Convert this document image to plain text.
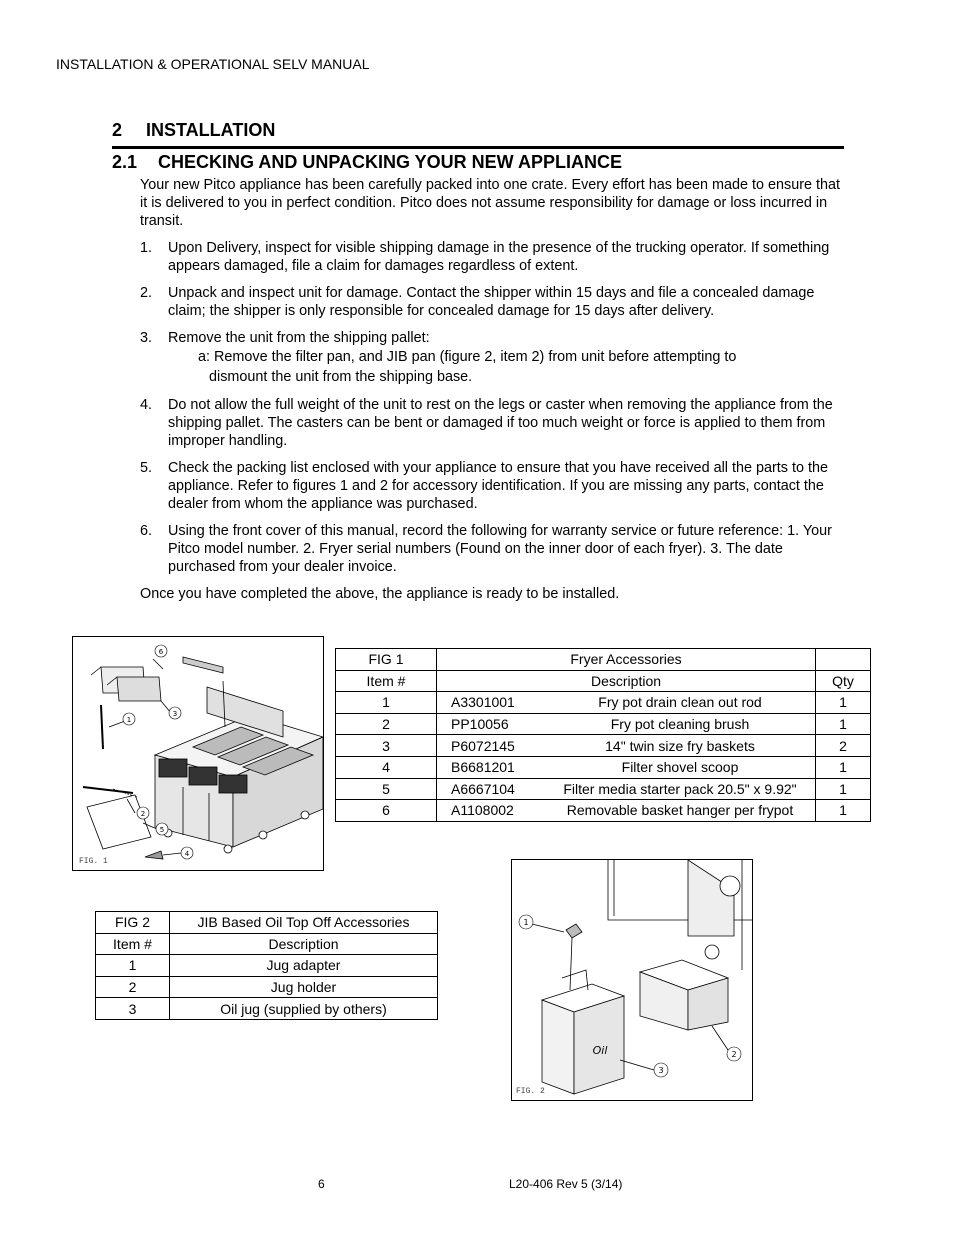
INSTALLATION & OPERATIONAL SELV MANUAL
2 INSTALLATION
2.1 CHECKING AND UNPACKING YOUR NEW APPLIANCE
Your new Pitco appliance has been carefully packed into one crate. Every effort has been made to ensure that it is delivered to you in perfect condition. Pitco does not assume responsibility for damage or loss incurred in transit.
1.	Upon Delivery, inspect for visible shipping damage in the presence of the trucking operator. If something appears damaged, file a claim for damages regardless of extent.
2.	Unpack and inspect unit for damage. Contact the shipper within 15 days and file a concealed damage claim; the shipper is only responsible for concealed damage for 15 days after delivery.
3.	Remove the unit from the shipping pallet:
a: Remove the filter pan, and JIB pan (figure 2, item 2) from unit before attempting to
dismount the unit from the shipping base.
4.	Do not allow the full weight of the unit to rest on the legs or caster when removing the appliance from the shipping pallet. The casters can be bent or damaged if too much weight or force is applied to them from improper handling.
5.	Check the packing list enclosed with your appliance to ensure that you have received all the parts to the appliance. Refer to figures 1 and 2 for accessory identification. If you are missing any parts, contact the dealer from whom the appliance was purchased.
6.	Using the front cover of this manual, record the following for warranty service or future reference: 1. Your Pitco model number. 2. Fryer serial numbers (Found on the inner door of each fryer). 3. The date purchased from your dealer invoice.
Once you have completed the above, the appliance is ready to be installed.
6
1
3
2
5
4
FIG. 1
FIG 1	Fryer Accessories	
Item #	Description	Qty
1	A3301001 Fry pot drain clean out rod	1
2	PP10056 Fry pot cleaning brush	1
3	P6072145 14" twin size fry baskets	2
4	B6681201 Filter shovel scoop	1
5	A6667104 Filter media starter pack 20.5" x 9.92"	1
6	A1108002 Removable basket hanger per frypot	1
FIG 2	JIB Based Oil Top Off Accessories
Item #	Description
1	Jug adapter
2	Jug holder
3	Oil jug (supplied by others)
1
2
3
Oil
FIG. 2
6	L20-406 Rev 5 (3/14)
